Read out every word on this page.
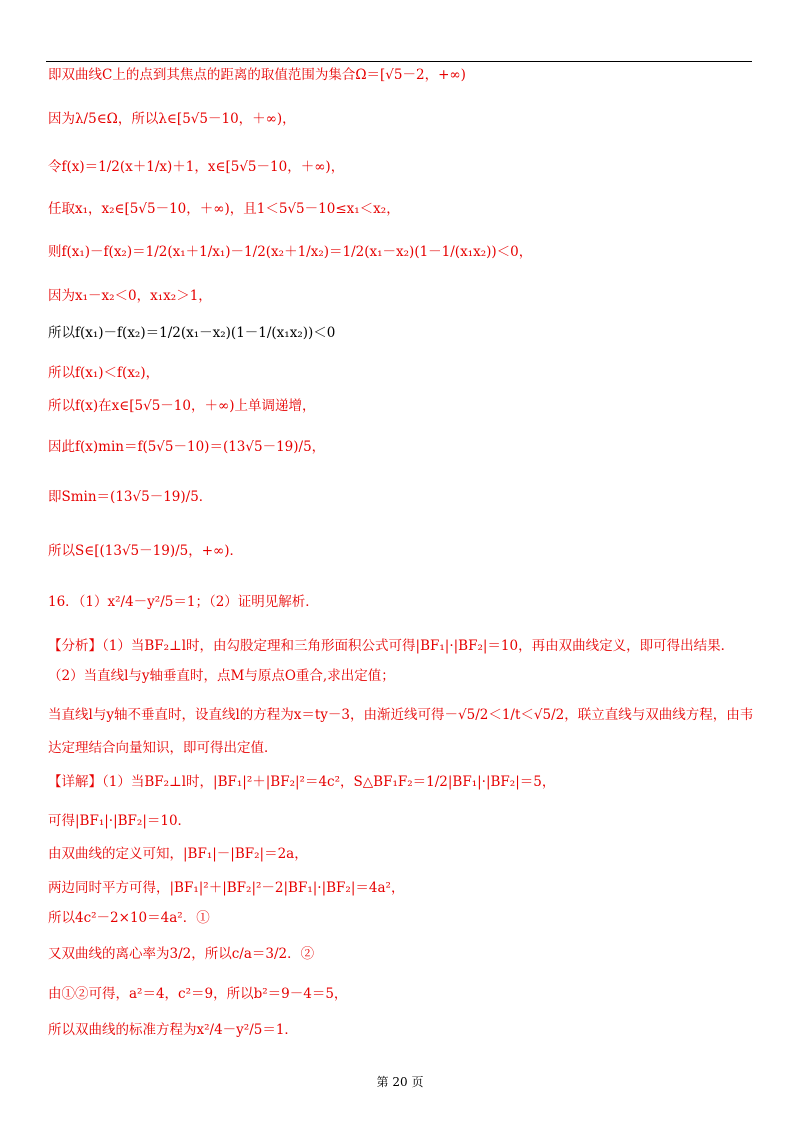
即双曲线C上的点到其焦点的距离的取值范围为集合Ω＝[√5－2，+∞)
因为λ/5∈Ω，所以λ∈[5√5－10，＋∞)，
令f(x)＝1/2(x＋1/x)＋1，x∈[5√5－10，＋∞)，
任取x₁，x₂∈[5√5－10，＋∞)，且1＜5√5－10≤x₁＜x₂，
则f(x₁)－f(x₂)＝1/2(x₁＋1/x₁)－1/2(x₂＋1/x₂)＝1/2(x₁－x₂)(1－1/(x₁x₂))＜0，
因为x₁－x₂＜0，x₁x₂＞1，
所以f(x₁)－f(x₂)＝1/2(x₁－x₂)(1－1/(x₁x₂))＜0
所以f(x₁)＜f(x₂)，
所以f(x)在x∈[5√5－10，＋∞)上单调递增，
因此f(x)min＝f(5√5－10)＝(13√5－19)/5，
即Smin＝(13√5－19)/5．
所以S∈[(13√5－19)/5，+∞)．
16．（1）x²/4－y²/5＝1；（2）证明见解析．
【分析】（1）当BF₂⊥l时，由勾股定理和三角形面积公式可得|BF₁|·|BF₂|＝10，再由双曲线定义，即可得出结果．
（2）当直线l与y轴垂直时，点M与原点O重合,求出定值；
当直线l与y轴不垂直时，设直线l的方程为x＝ty－3，由渐近线可得－√5/2＜1/t＜√5/2，联立直线与双曲线方程，由韦
达定理结合向量知识，即可得出定值．
【详解】（1）当BF₂⊥l时，|BF₁|²＋|BF₂|²＝4c²，S△BF₁F₂＝1/2|BF₁|·|BF₂|＝5，
可得|BF₁|·|BF₂|＝10．
由双曲线的定义可知，|BF₁|－|BF₂|＝2a，
两边同时平方可得，|BF₁|²＋|BF₂|²－2|BF₁|·|BF₂|＝4a²，
所以4c²－2×10＝4a²．①
又双曲线的离心率为3/2，所以c/a＝3/2．②
由①②可得，a²＝4，c²＝9，所以b²＝9－4＝5，
所以双曲线的标准方程为x²/4－y²/5＝1．
第 20 页
